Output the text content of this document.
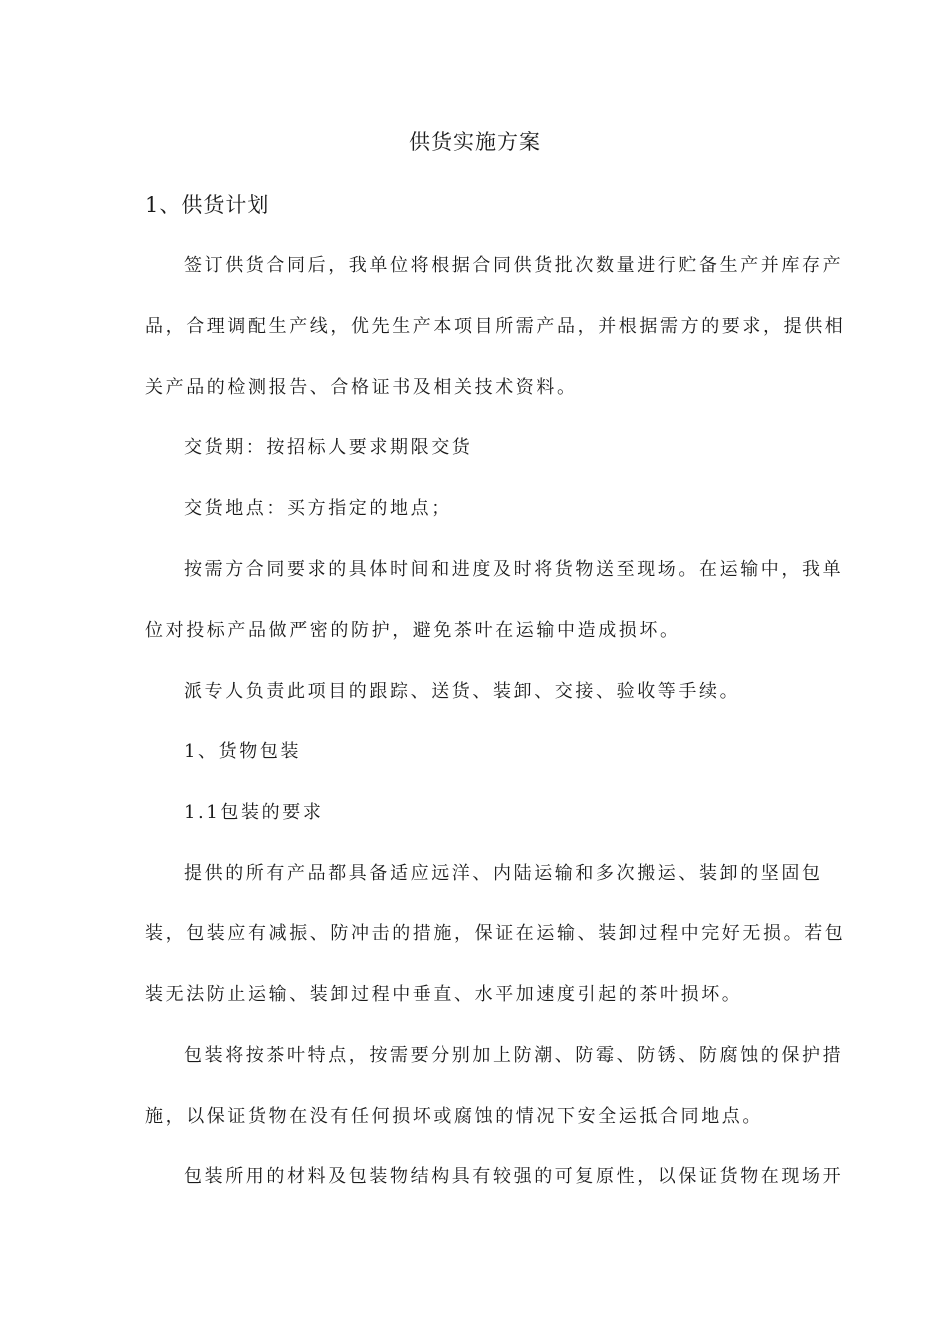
供货实施方案
1、供货计划
签订供货合同后，我单位将根据合同供货批次数量进行贮备生产并库存产
品，合理调配生产线，优先生产本项目所需产品，并根据需方的要求，提供相
关产品的检测报告、合格证书及相关技术资料。
交货期：按招标人要求期限交货
交货地点：买方指定的地点；
按需方合同要求的具体时间和进度及时将货物送至现场。在运输中，我单
位对投标产品做严密的防护，避免茶叶在运输中造成损坏。
派专人负责此项目的跟踪、送货、装卸、交接、验收等手续。
1、货物包装
1.1包装的要求
提供的所有产品都具备适应远洋、内陆运输和多次搬运、装卸的坚固包
装，包装应有减振、防冲击的措施，保证在运输、装卸过程中完好无损。若包
装无法防止运输、装卸过程中垂直、水平加速度引起的茶叶损坏。
包装将按茶叶特点，按需要分别加上防潮、防霉、防锈、防腐蚀的保护措
施，以保证货物在没有任何损坏或腐蚀的情况下安全运抵合同地点。
包装所用的材料及包装物结构具有较强的可复原性，以保证货物在现场开
